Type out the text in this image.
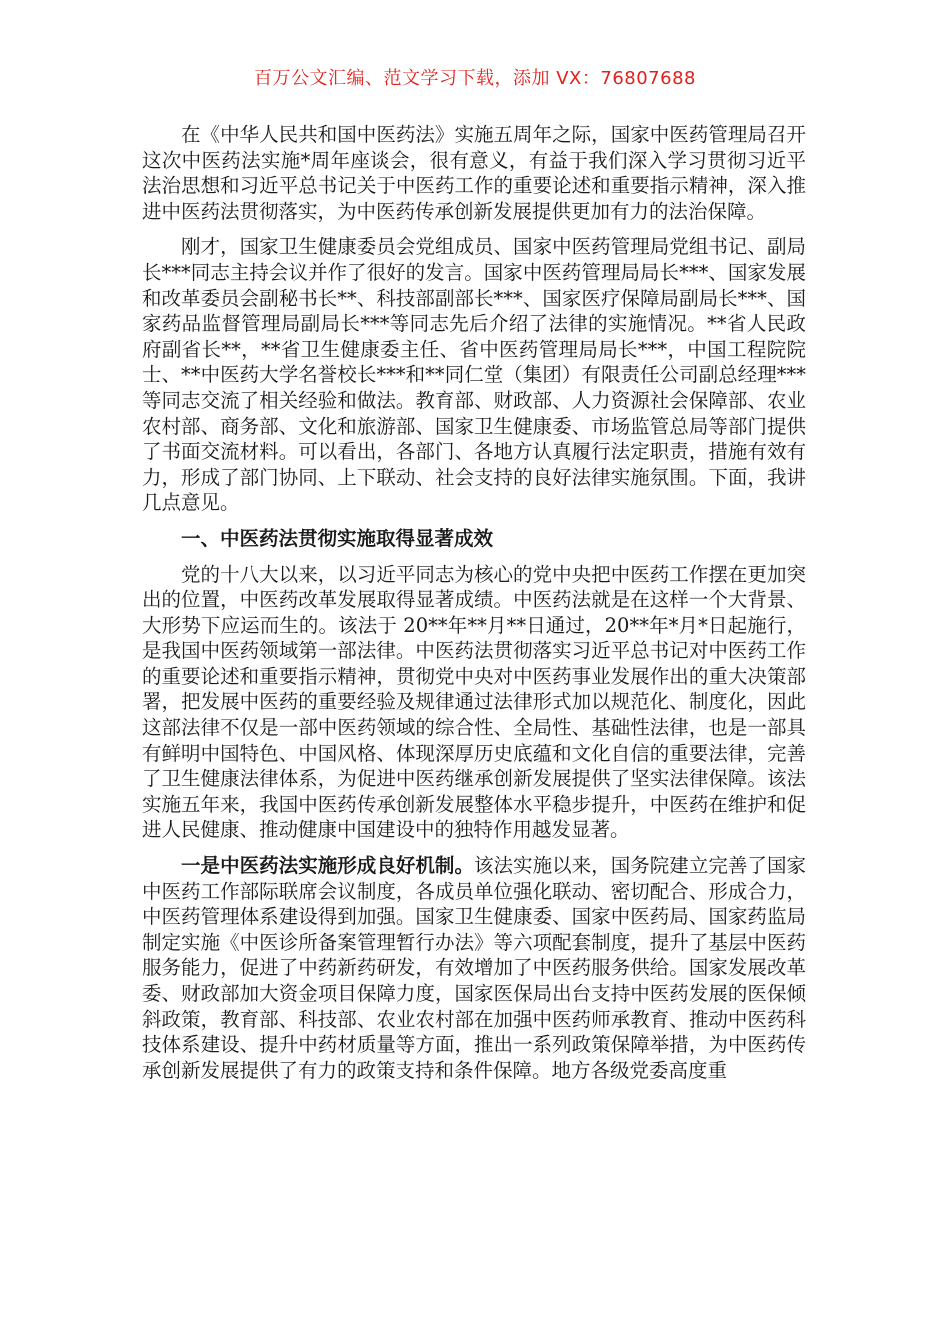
百万公文汇编、范文学习下载，添加 VX：76807688

在《中华人民共和国中医药法》实施五周年之际，国家中医药管理局召开这次中医药法实施*周年座谈会，很有意义，有益于我们深入学习贯彻习近平法治思想和习近平总书记关于中医药工作的重要论述和重要指示精神，深入推进中医药法贯彻落实，为中医药传承创新发展提供更加有力的法治保障。

刚才，国家卫生健康委员会党组成员、国家中医药管理局党组书记、副局长***同志主持会议并作了很好的发言。国家中医药管理局局长***、国家发展和改革委员会副秘书长**、科技部副部长***、国家医疗保障局副局长***、国家药品监督管理局副局长***等同志先后介绍了法律的实施情况。**省人民政府副省长**，**省卫生健康委主任、省中医药管理局局长***，中国工程院院士、**中医药大学名誉校长***和**同仁堂（集团）有限责任公司副总经理***等同志交流了相关经验和做法。教育部、财政部、人力资源社会保障部、农业农村部、商务部、文化和旅游部、国家卫生健康委、市场监管总局等部门提供了书面交流材料。可以看出，各部门、各地方认真履行法定职责，措施有效有力，形成了部门协同、上下联动、社会支持的良好法律实施氛围。下面，我讲几点意见。

一、中医药法贯彻实施取得显著成效

党的十八大以来，以习近平同志为核心的党中央把中医药工作摆在更加突出的位置，中医药改革发展取得显著成绩。中医药法就是在这样一个大背景、大形势下应运而生的。该法于 20**年**月**日通过，20**年*月*日起施行，是我国中医药领域第一部法律。中医药法贯彻落实习近平总书记对中医药工作的重要论述和重要指示精神，贯彻党中央对中医药事业发展作出的重大决策部署，把发展中医药的重要经验及规律通过法律形式加以规范化、制度化，因此这部法律不仅是一部中医药领域的综合性、全局性、基础性法律，也是一部具有鲜明中国特色、中国风格、体现深厚历史底蕴和文化自信的重要法律，完善了卫生健康法律体系，为促进中医药继承创新发展提供了坚实法律保障。该法实施五年来，我国中医药传承创新发展整体水平稳步提升，中医药在维护和促进人民健康、推动健康中国建设中的独特作用越发显著。

一是中医药法实施形成良好机制。该法实施以来，国务院建立完善了国家中医药工作部际联席会议制度，各成员单位强化联动、密切配合、形成合力，中医药管理体系建设得到加强。国家卫生健康委、国家中医药局、国家药监局制定实施《中医诊所备案管理暂行办法》等六项配套制度，提升了基层中医药服务能力，促进了中药新药研发，有效增加了中医药服务供给。国家发展改革委、财政部加大资金项目保障力度，国家医保局出台支持中医药发展的医保倾斜政策，教育部、科技部、农业农村部在加强中医药师承教育、推动中医药科技体系建设、提升中药材质量等方面，推出一系列政策保障举措，为中医药传承创新发展提供了有力的政策支持和条件保障。地方各级党委高度重
